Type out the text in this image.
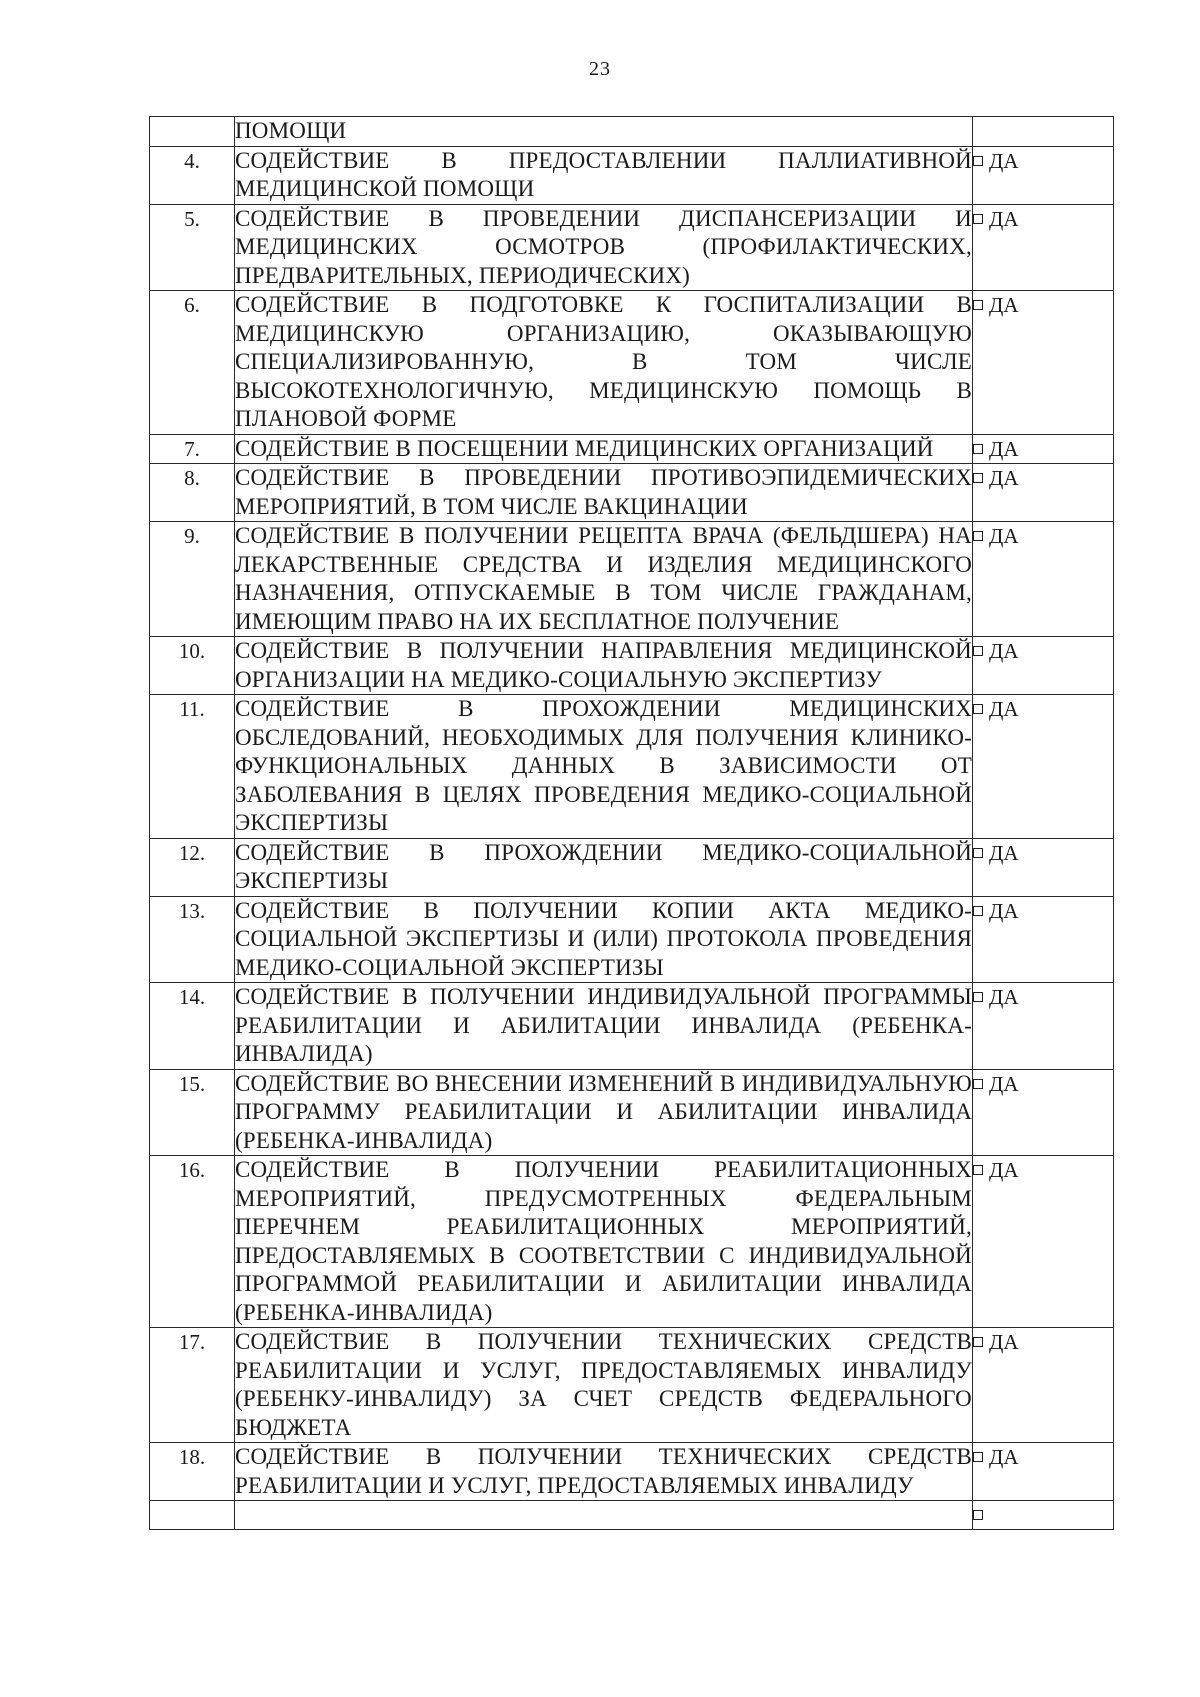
23
	ПОМОЩИ	
4.	СОДЕЙСТВИЕ В ПРЕДОСТАВЛЕНИИ ПАЛЛИАТИВНОЙ МЕДИЦИНСКОЙ ПОМОЩИ	ДА
5.	СОДЕЙСТВИЕ В ПРОВЕДЕНИИ ДИСПАНСЕРИЗАЦИИ И МЕДИЦИНСКИХ ОСМОТРОВ (ПРОФИЛАКТИЧЕСКИХ, ПРЕДВАРИТЕЛЬНЫХ, ПЕРИОДИЧЕСКИХ)	ДА
6.	СОДЕЙСТВИЕ В ПОДГОТОВКЕ К ГОСПИТАЛИЗАЦИИ В МЕДИЦИНСКУЮ ОРГАНИЗАЦИЮ, ОКАЗЫВАЮЩУЮ СПЕЦИАЛИЗИРОВАННУЮ, В ТОМ ЧИСЛЕ ВЫСОКОТЕХНОЛОГИЧНУЮ, МЕДИЦИНСКУЮ ПОМОЩЬ В ПЛАНОВОЙ ФОРМЕ	ДА
7.	СОДЕЙСТВИЕ В ПОСЕЩЕНИИ МЕДИЦИНСКИХ ОРГАНИЗАЦИЙ	ДА
8.	СОДЕЙСТВИЕ В ПРОВЕДЕНИИ ПРОТИВОЭПИДЕМИЧЕСКИХ МЕРОПРИЯТИЙ, В ТОМ ЧИСЛЕ ВАКЦИНАЦИИ	ДА
9.	СОДЕЙСТВИЕ В ПОЛУЧЕНИИ РЕЦЕПТА ВРАЧА (ФЕЛЬДШЕРА) НА ЛЕКАРСТВЕННЫЕ СРЕДСТВА И ИЗДЕЛИЯ МЕДИЦИНСКОГО НАЗНАЧЕНИЯ, ОТПУСКАЕМЫЕ В ТОМ ЧИСЛЕ ГРАЖДАНАМ, ИМЕЮЩИМ ПРАВО НА ИХ БЕСПЛАТНОЕ ПОЛУЧЕНИЕ	ДА
10.	СОДЕЙСТВИЕ В ПОЛУЧЕНИИ НАПРАВЛЕНИЯ МЕДИЦИНСКОЙ ОРГАНИЗАЦИИ НА МЕДИКО-СОЦИАЛЬНУЮ ЭКСПЕРТИЗУ	ДА
11.	СОДЕЙСТВИЕ В ПРОХОЖДЕНИИ МЕДИЦИНСКИХ ОБСЛЕДОВАНИЙ, НЕОБХОДИМЫХ ДЛЯ ПОЛУЧЕНИЯ КЛИНИКО-ФУНКЦИОНАЛЬНЫХ ДАННЫХ В ЗАВИСИМОСТИ ОТ ЗАБОЛЕВАНИЯ В ЦЕЛЯХ ПРОВЕДЕНИЯ МЕДИКО-СОЦИАЛЬНОЙ ЭКСПЕРТИЗЫ	ДА
12.	СОДЕЙСТВИЕ В ПРОХОЖДЕНИИ МЕДИКО-СОЦИАЛЬНОЙ ЭКСПЕРТИЗЫ	ДА
13.	СОДЕЙСТВИЕ В ПОЛУЧЕНИИ КОПИИ АКТА МЕДИКО-СОЦИАЛЬНОЙ ЭКСПЕРТИЗЫ И (ИЛИ) ПРОТОКОЛА ПРОВЕДЕНИЯ МЕДИКО-СОЦИАЛЬНОЙ ЭКСПЕРТИЗЫ	ДА
14.	СОДЕЙСТВИЕ В ПОЛУЧЕНИИ ИНДИВИДУАЛЬНОЙ ПРОГРАММЫ РЕАБИЛИТАЦИИ И АБИЛИТАЦИИ ИНВАЛИДА (РЕБЕНКА-ИНВАЛИДА)	ДА
15.	СОДЕЙСТВИЕ ВО ВНЕСЕНИИ ИЗМЕНЕНИЙ В ИНДИВИДУАЛЬНУЮ ПРОГРАММУ РЕАБИЛИТАЦИИ И АБИЛИТАЦИИ ИНВАЛИДА (РЕБЕНКА-ИНВАЛИДА)	ДА
16.	СОДЕЙСТВИЕ В ПОЛУЧЕНИИ РЕАБИЛИТАЦИОННЫХ МЕРОПРИЯТИЙ, ПРЕДУСМОТРЕННЫХ ФЕДЕРАЛЬНЫМ ПЕРЕЧНЕМ РЕАБИЛИТАЦИОННЫХ МЕРОПРИЯТИЙ, ПРЕДОСТАВЛЯЕМЫХ В СООТВЕТСТВИИ С ИНДИВИДУАЛЬНОЙ ПРОГРАММОЙ РЕАБИЛИТАЦИИ И АБИЛИТАЦИИ ИНВАЛИДА (РЕБЕНКА-ИНВАЛИДА)	ДА
17.	СОДЕЙСТВИЕ В ПОЛУЧЕНИИ ТЕХНИЧЕСКИХ СРЕДСТВ РЕАБИЛИТАЦИИ И УСЛУГ, ПРЕДОСТАВЛЯЕМЫХ ИНВАЛИДУ (РЕБЕНКУ-ИНВАЛИДУ) ЗА СЧЕТ СРЕДСТВ ФЕДЕРАЛЬНОГО БЮДЖЕТА	ДА
18.	СОДЕЙСТВИЕ В ПОЛУЧЕНИИ ТЕХНИЧЕСКИХ СРЕДСТВ РЕАБИЛИТАЦИИ И УСЛУГ, ПРЕДОСТАВЛЯЕМЫХ ИНВАЛИДУ	ДА
